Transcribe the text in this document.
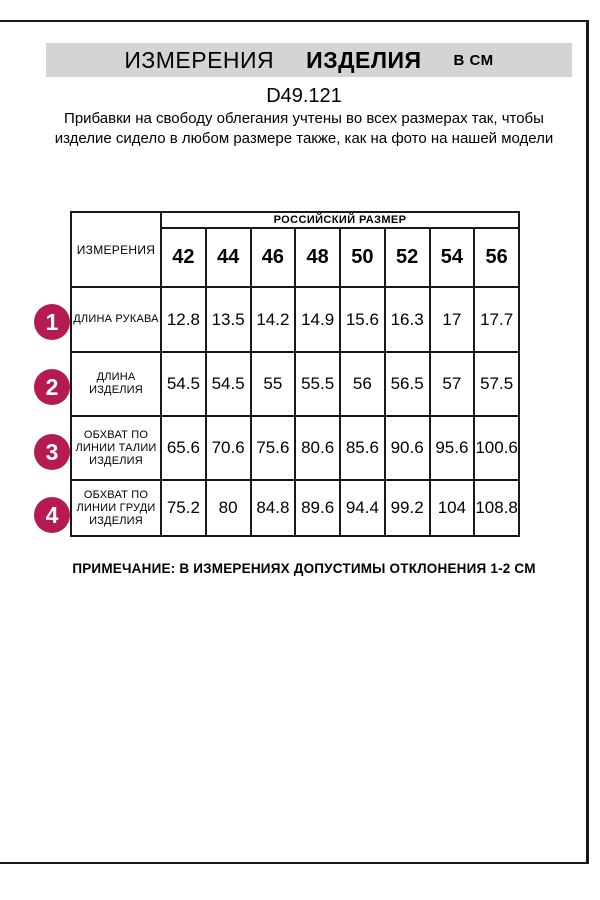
ИЗМЕРЕНИЯ ИЗДЕЛИЯ В СМ
D49.121

Прибавки на свободу облегания учтены во всех размерах так, чтобы изделие сидело в любом размере также, как на фото на нашей модели

ИЗМЕРЕНИЯ	РОССИЙСКИЙ РАЗМЕР							
	42	44	46	48	50	52	54	56
ДЛИНА РУКАВА	12.8	13.5	14.2	14.9	15.6	16.3	17	17.7
ДЛИНА ИЗДЕЛИЯ	54.5	54.5	55	55.5	56	56.5	57	57.5
ОБХВАТ ПО ЛИНИИ ТАЛИИ ИЗДЕЛИЯ	65.6	70.6	75.6	80.6	85.6	90.6	95.6	100.6
ОБХВАТ ПО ЛИНИИ ГРУДИ ИЗДЕЛИЯ	75.2	80	84.8	89.6	94.4	99.2	104	108.8
1
2
3
4
ПРИМЕЧАНИЕ: В ИЗМЕРЕНИЯХ ДОПУСТИМЫ ОТКЛОНЕНИЯ 1-2 СМ
